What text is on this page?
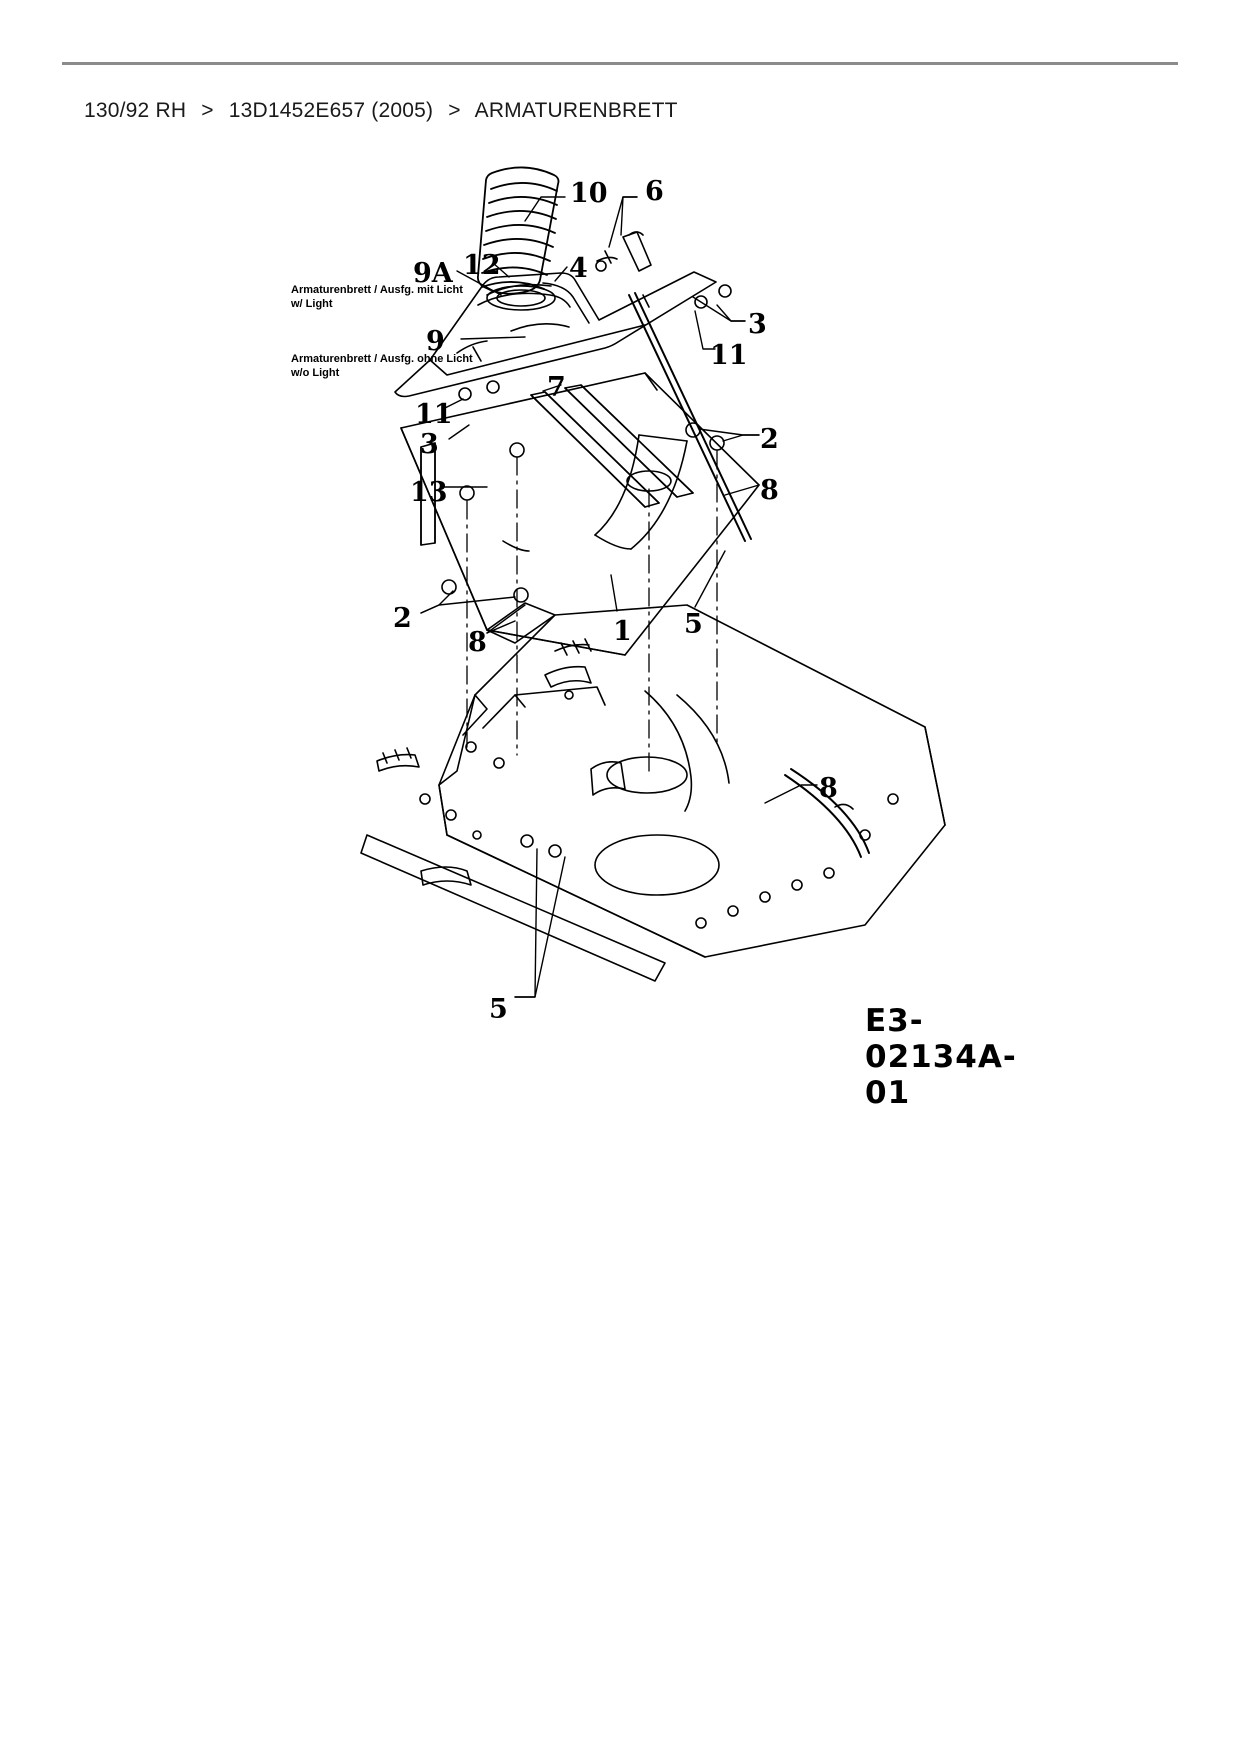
130/92 RH > 13D1452E657 (2005) > ARMATURENBRETT
Armaturenbrett / Ausfg. mit Licht
w/ Light
Armaturenbrett / Ausfg. ohne Licht
w/o Light
10 6
12	4
9A
3
9	11
7
11
2
3
8
13
2	1 5
8
8
5	E3-02134A-01
